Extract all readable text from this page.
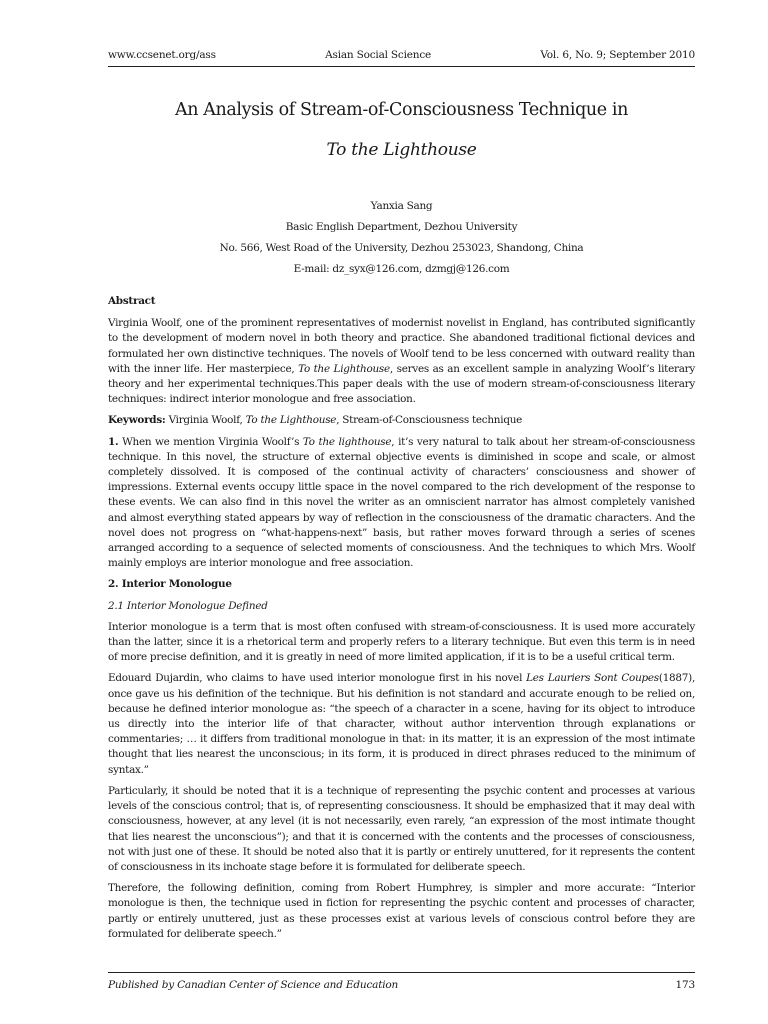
www.ccsenet.org/ass	Asian Social Science	Vol. 6, No. 9; September 2010
An Analysis of Stream-of-Consciousness Technique in
To the Lighthouse
Yanxia Sang
Basic English Department, Dezhou University
No. 566, West Road of the University, Dezhou 253023, Shandong, China
E-mail: dz_syx@126.com, dzmgj@126.com
Abstract

Virginia Woolf, one of the prominent representatives of modernist novelist in England, has contributed significantly to the development of modern novel in both theory and practice. She abandoned traditional fictional devices and formulated her own distinctive techniques. The novels of Woolf tend to be less concerned with outward reality than with the inner life. Her masterpiece, To the Lighthouse, serves as an excellent sample in analyzing Woolf’s literary theory and her experimental techniques.This paper deals with the use of modern stream-of-consciousness literary techniques: indirect interior monologue and free association.

Keywords: Virginia Woolf, To the Lighthouse, Stream-of-Consciousness technique

1. When we mention Virginia Woolf’s To the lighthouse, it’s very natural to talk about her stream-of-consciousness technique. In this novel, the structure of external objective events is diminished in scope and scale, or almost completely dissolved. It is composed of the continual activity of characters’ consciousness and shower of impressions. External events occupy little space in the novel compared to the rich development of the response to these events. We can also find in this novel the writer as an omniscient narrator has almost completely vanished and almost everything stated appears by way of reflection in the consciousness of the dramatic characters. And the novel does not progress on “what-happens-next” basis, but rather moves forward through a series of scenes arranged according to a sequence of selected moments of consciousness. And the techniques to which Mrs. Woolf mainly employs are interior monologue and free association.

2. Interior Monologue
2.1 Interior Monologue Defined

Interior monologue is a term that is most often confused with stream-of-consciousness. It is used more accurately than the latter, since it is a rhetorical term and properly refers to a literary technique. But even this term is in need of more precise definition, and it is greatly in need of more limited application, if it is to be a useful critical term.

Edouard Dujardin, who claims to have used interior monologue first in his novel Les Lauriers Sont Coupes(1887), once gave us his definition of the technique. But his definition is not standard and accurate enough to be relied on, because he defined interior monologue as: “the speech of a character in a scene, having for its object to introduce us directly into the interior life of that character, without author intervention through explanations or commentaries; … it differs from traditional monologue in that: in its matter, it is an expression of the most intimate thought that lies nearest the unconscious; in its form, it is produced in direct phrases reduced to the minimum of syntax.”

Particularly, it should be noted that it is a technique of representing the psychic content and processes at various levels of the conscious control; that is, of representing consciousness. It should be emphasized that it may deal with consciousness, however, at any level (it is not necessarily, even rarely, “an expression of the most intimate thought that lies nearest the unconscious”); and that it is concerned with the contents and the processes of consciousness, not with just one of these. It should be noted also that it is partly or entirely unuttered, for it represents the content of consciousness in its inchoate stage before it is formulated for deliberate speech.

Therefore, the following definition, coming from Robert Humphrey, is simpler and more accurate: “Interior monologue is then, the technique used in fiction for representing the psychic content and processes of character, partly or entirely unuttered, just as these processes exist at various levels of conscious control before they are formulated for deliberate speech.”

Published by Canadian Center of Science and Education	173
